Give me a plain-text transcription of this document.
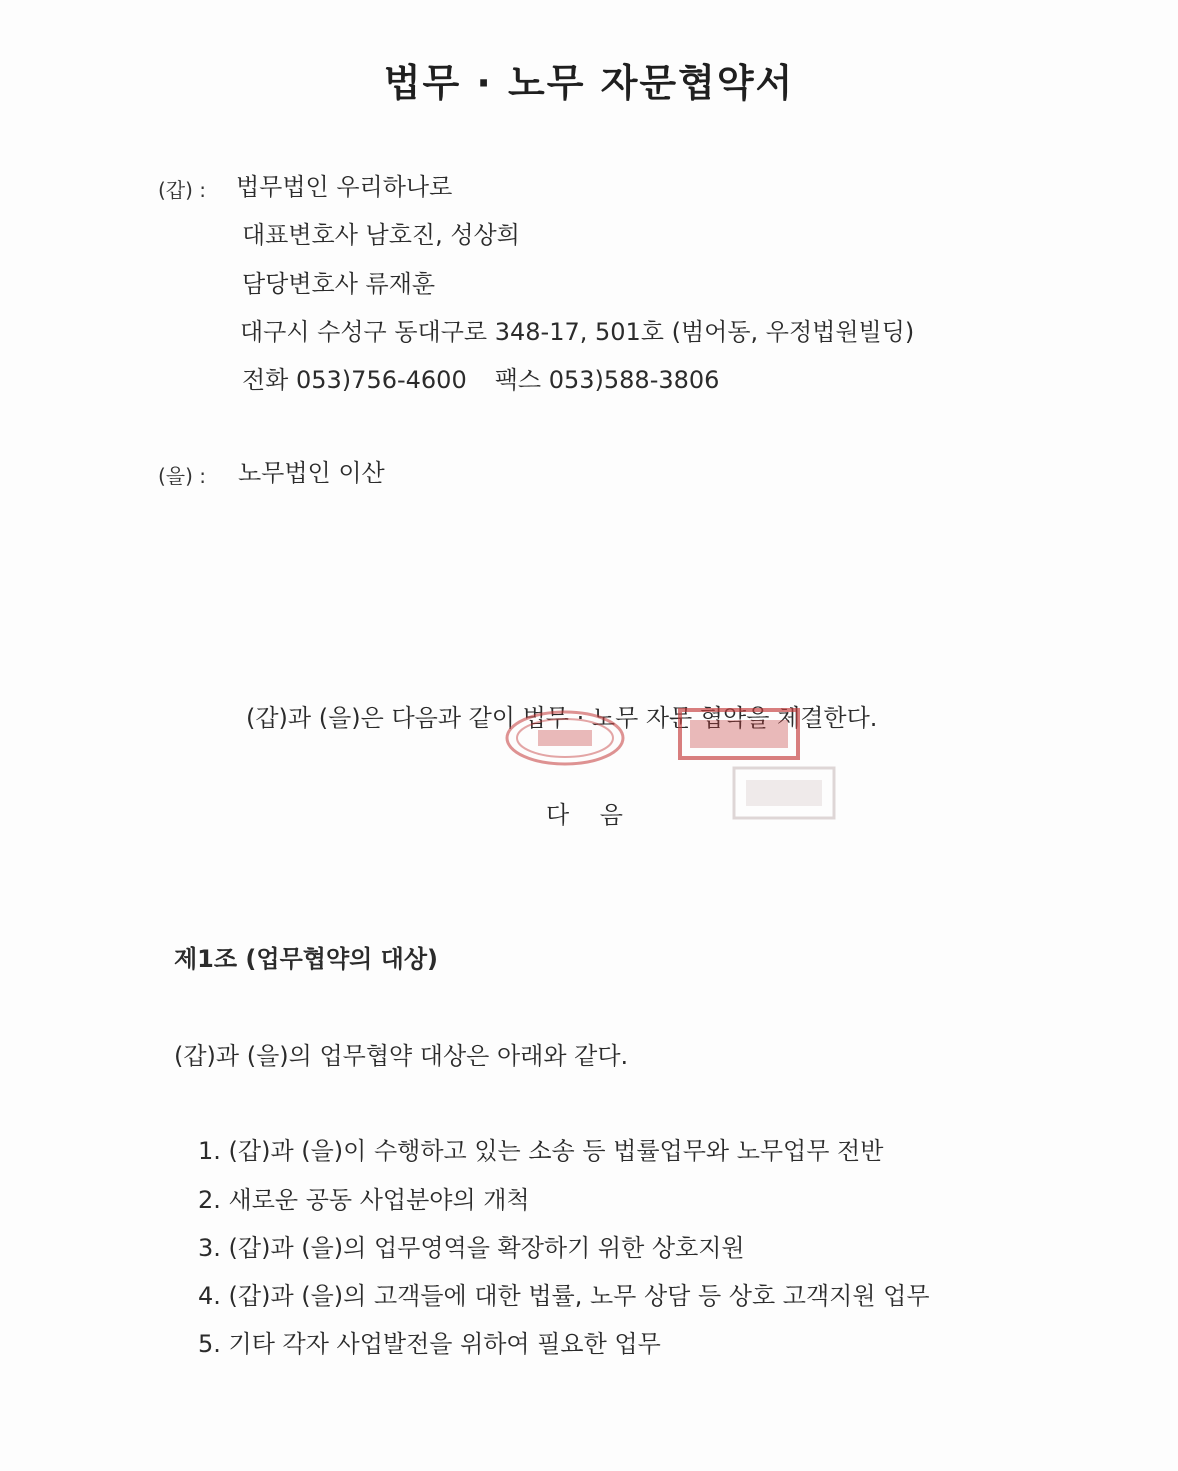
법무 · 노무 자문협약서
(갑) : 법무법인 우리하나로
대표변호사 남호진, 성상희
담당변호사 류재훈
대구시 수성구 동대구로 348-17, 501호 (범어동, 우정법원빌딩)
전화 053)756-4600 팩스 053)588-3806
(을) : 노무법인 이산
(갑)과 (을)은 다음과 같이 법무 · 노무 자문 협약을 체결한다.
다    음
제1조 (업무협약의 대상)
(갑)과 (을)의 업무협약 대상은 아래와 같다.
1. (갑)과 (을)이 수행하고 있는 소송 등 법률업무와 노무업무 전반
2. 새로운 공동 사업분야의 개척
3. (갑)과 (을)의 업무영역을 확장하기 위한 상호지원
4. (갑)과 (을)의 고객들에 대한 법률, 노무 상담 등 상호 고객지원 업무
5. 기타 각자 사업발전을 위하여 필요한 업무
